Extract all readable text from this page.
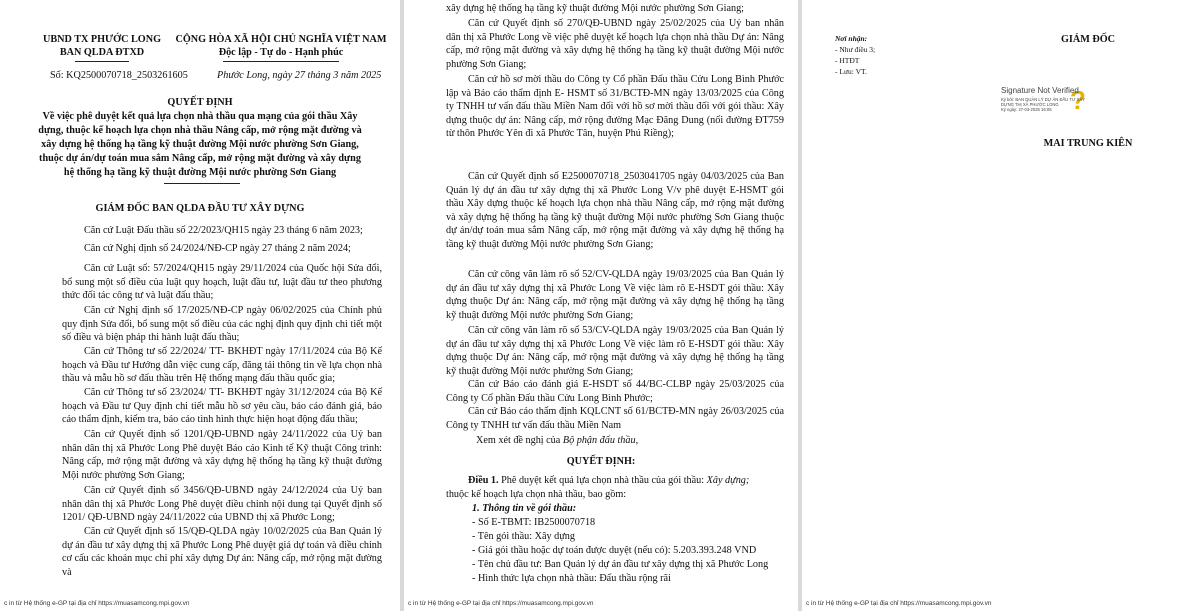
UBND TX PHƯỚC LONG
BAN QLDA ĐTXD
CỘNG HÒA XÃ HỘI CHỦ NGHĨA VIỆT NAM
Độc lập - Tự do - Hạnh phúc
Số: KQ2500070718_2503261605	Phước Long, ngày 27 tháng 3 năm 2025
QUYẾT ĐỊNH
Về việc phê duyệt kết quả lựa chọn nhà thầu qua mạng của gói thầu Xây
dựng, thuộc kế hoạch lựa chọn nhà thầu Nâng cấp, mở rộng mặt đường và
xây dựng hệ thống hạ tầng kỹ thuật đường Mội nước phường Sơn Giang,
thuộc dự án/dự toán mua sắm Nâng cấp, mở rộng mặt đường và xây dựng
hệ thống hạ tầng kỹ thuật đường Mội nước phường Sơn Giang
GIÁM ĐỐC BAN QLDA ĐẦU TƯ XÂY DỰNG
Căn cứ Luật Đấu thầu số 22/2023/QH15 ngày 23 tháng 6 năm 2023;
Căn cứ Nghị định số 24/2024/NĐ-CP ngày 27 tháng 2 năm 2024;
Căn cứ Luật số: 57/2024/QH15 ngày 29/11/2024 của Quốc hội Sửa đổi, bổ sung một số điều của luật quy hoạch, luật đầu tư, luật đầu tư theo phương thức đối tác công tư và luật đấu thầu;
Căn cứ Nghị định số 17/2025/NĐ-CP ngày 06/02/2025 của Chính phủ quy định Sửa đổi, bổ sung một số điều của các nghị định quy định chi tiết một số điều và biện pháp thi hành luật đấu thầu;
Căn cứ Thông tư số 22/2024/ TT- BKHĐT ngày 17/11/2024 của Bộ Kế hoạch và Đầu tư Hướng dẫn việc cung cấp, đăng tải thông tin về lựa chọn nhà thầu và mẫu hồ sơ đấu thầu trên Hệ thống mạng đấu thầu quốc gia;
Căn cứ Thông tư số 23/2024/ TT- BKHĐT ngày 31/12/2024 của Bộ Kế hoạch và Đầu tư Quy định chi tiết mẫu hồ sơ yêu cầu, báo cáo đánh giá, báo cáo thẩm định, kiểm tra, báo cáo tình hình thực hiện hoạt động đấu thầu;
Căn cứ Quyết định số 1201/QĐ-UBND ngày 24/11/2022 của Uỷ ban nhân dân thị xã Phước Long Phê duyệt Báo cáo Kinh tế Kỹ thuật Công trình: Nâng cấp, mở rộng mặt đường và xây dựng hệ thống hạ tầng kỹ thuật đường Mội nước phường Sơn Giang;
Căn cứ Quyết định số 3456/QĐ-UBND ngày 24/12/2024 của Uỷ ban nhân dân thị xã Phước Long Phê duyệt điều chỉnh nội dung tại Quyết định số 1201/ QĐ-UBND ngày 24/11/2022 của UBND thị xã Phước Long;
Căn cứ Quyết định số 15/QĐ-QLDA ngày 10/02/2025 của Ban Quản lý dự án đầu tư xây dựng thị xã Phước Long Phê duyệt giá dự toán và điều chỉnh cơ cấu các khoản mục chi phí xây dựng Dự án: Nâng cấp, mở rộng mặt đường và
c in từ Hệ thống e-GP tại địa chỉ https://muasamcong.mpi.gov.vn
xây dựng hệ thống hạ tầng kỹ thuật đường Mội nước phường Sơn Giang;
Căn cứ Quyết định số 270/QĐ-UBND ngày 25/02/2025 của Uỷ ban nhân dân thị xã Phước Long về việc phê duyệt kế hoạch lựa chọn nhà thầu Dự án: Nâng cấp, mở rộng mặt đường và xây dựng hệ thống hạ tầng kỹ thuật đường Mội nước phường Sơn Giang;
Căn cứ hồ sơ mời thầu do Công ty Cổ phần Đấu thầu Cửu Long Bình Phước lập và Báo cáo thẩm định E- HSMT số 31/BCTĐ-MN ngày 13/03/2025 của Công ty TNHH tư vấn đấu thầu Miền Nam đối với hồ sơ mời thầu đối với gói thầu: Xây dựng thuộc dự án: Nâng cấp, mở rộng đường Mạc Đăng Dung (nối đường ĐT759 từ thôn Phước Yên đi xã Phước Tân, huyện Phú Riềng);
Căn cứ Quyết định số E2500070718_2503041705 ngày 04/03/2025 của Ban Quản lý dự án đầu tư xây dựng thị xã Phước Long V/v phê duyệt E-HSMT gói thầu Xây dựng thuộc kế hoạch lựa chọn nhà thầu Nâng cấp, mở rộng mặt đường và xây dựng hệ thống hạ tầng kỹ thuật đường Mội nước phường Sơn Giang thuộc dự án/dự toán mua sắm Nâng cấp, mở rộng mặt đường và xây dựng hệ thống hạ tầng kỹ thuật đường Mội nước phường Sơn Giang;
Căn cứ công văn làm rõ số 52/CV-QLDA ngày 19/03/2025 của Ban Quản lý dự án đầu tư xây dựng thị xã Phước Long Về việc làm rõ E-HSDT gói thầu: Xây dựng thuộc Dự án: Nâng cấp, mở rộng mặt đường và xây dựng hệ thống hạ tầng kỹ thuật đường Mội nước phường Sơn Giang;
Căn cứ công văn làm rõ số 53/CV-QLDA ngày 19/03/2025 của Ban Quản lý dự án đầu tư xây dựng thị xã Phước Long Về việc làm rõ E-HSDT gói thầu: Xây dựng thuộc Dự án: Nâng cấp, mở rộng mặt đường và xây dựng hệ thống hạ tầng kỹ thuật đường Mội nước phường Sơn Giang;
Căn cứ Báo cáo đánh giá E-HSDT số 44/BC-CLBP ngày 25/03/2025 của Công ty Cổ phần Đấu thầu Cửu Long Bình Phước;
Căn cứ Báo cáo thẩm định KQLCNT số 61/BCTĐ-MN ngày 26/03/2025 của Công ty TNHH tư vấn đấu thầu Miền Nam
Xem xét đề nghị của Bộ phận đấu thầu,
QUYẾT ĐỊNH:
Điều 1. Phê duyệt kết quả lựa chọn nhà thầu của gói thầu: Xây dựng;
thuộc kế hoạch lựa chọn nhà thầu, bao gồm:
1. Thông tin về gói thầu:
- Số E-TBMT: IB2500070718
- Tên gói thầu: Xây dựng
- Giá gói thầu hoặc dự toán được duyệt (nếu có): 5.203.393.248 VND
- Tên chủ đầu tư: Ban Quản lý dự án đầu tư xây dựng thị xã Phước Long
- Hình thức lựa chọn nhà thầu: Đấu thầu rộng rãi
c in từ Hệ thống e-GP tại địa chỉ https://muasamcong.mpi.gov.vn
Nơi nhận:
- Như điều 3;
- HTĐT
- Lưu: VT.
GIÁM ĐỐC
?
Signature Not Verified
Ký bởi: BAN QUẢN LÝ DỰ ÁN ĐẦU TƯ XÂY
DỰNG THỊ XÃ PHƯỚC LONG
Ký ngày: 27-03-2025 16:05
MAI TRUNG KIÊN
c in từ Hệ thống e-GP tại địa chỉ https://muasamcong.mpi.gov.vn
